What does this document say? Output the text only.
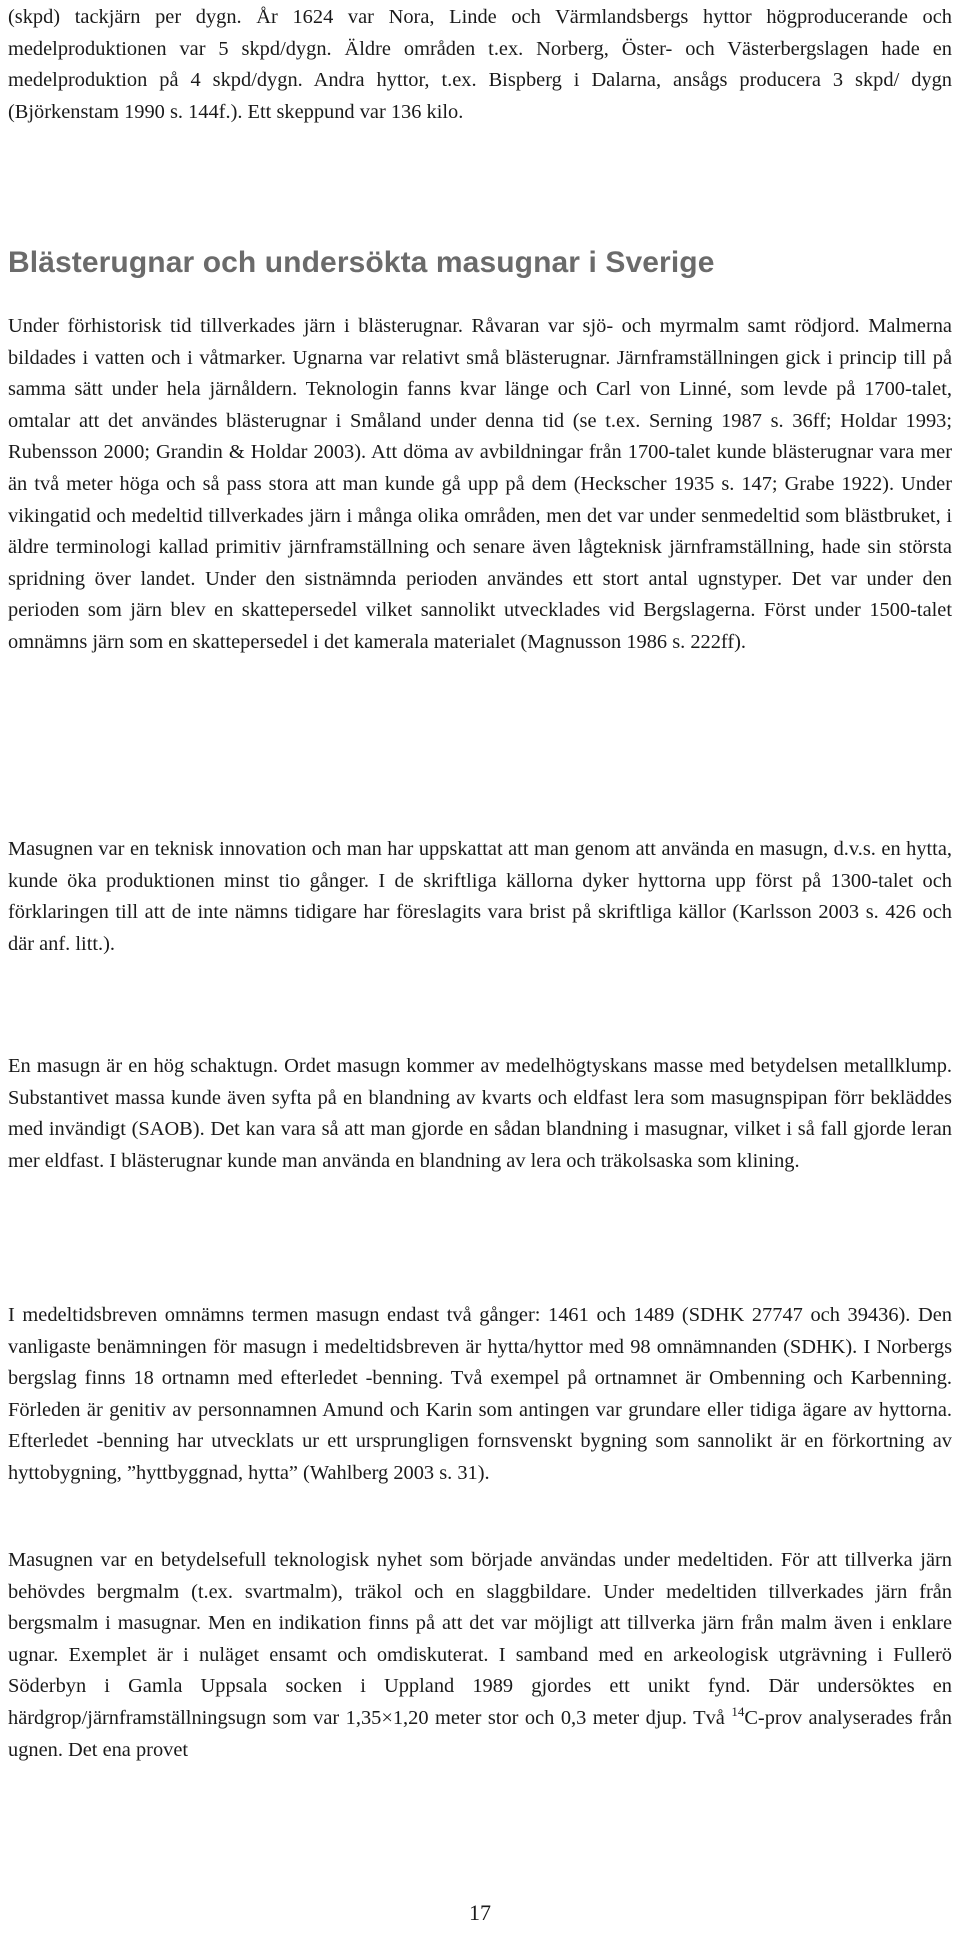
(skpd) tackjärn per dygn. År 1624 var Nora, Linde och Värmlandsbergs hyttor högproducerande och medelproduktionen var 5 skpd/dygn. Äldre områden t.ex. Norberg, Öster- och Västerbergslagen hade en medelproduktion på 4 skpd/dygn. Andra hyttor, t.ex. Bispberg i Dalarna, ansågs producera 3 skpd/ dygn (Björkenstam 1990 s. 144f.). Ett skeppund var 136 kilo.

Blästerugnar och undersökta masugnar i Sverige

Under förhistorisk tid tillverkades järn i blästerugnar. Råvaran var sjö- och myrmalm samt rödjord. Malmerna bildades i vatten och i våtmarker. Ugnarna var relativt små blästerugnar. Järnframställningen gick i princip till på samma sätt under hela järnåldern. Teknologin fanns kvar länge och Carl von Linné, som levde på 1700-talet, omtalar att det användes blästerugnar i Småland under denna tid (se t.ex. Serning 1987 s. 36ff; Holdar 1993; Rubensson 2000; Grandin & Holdar 2003). Att döma av avbildningar från 1700-talet kunde blästerugnar vara mer än två meter höga och så pass stora att man kunde gå upp på dem (Heckscher 1935 s. 147; Grabe 1922). Under vikingatid och medeltid tillverkades järn i många olika områden, men det var under senmedeltid som blästbruket, i äldre terminologi kallad primitiv järnframställning och senare även lågteknisk järnframställning, hade sin största spridning över landet. Under den sistnämnda perioden användes ett stort antal ugnstyper. Det var under den perioden som järn blev en skattepersedel vilket sannolikt utvecklades vid Bergslagerna. Först under 1500-talet omnämns järn som en skattepersedel i det kamerala materialet (Magnusson 1986 s. 222ff).

Masugnen var en teknisk innovation och man har uppskattat att man genom att använda en masugn, d.v.s. en hytta, kunde öka produktionen minst tio gånger. I de skriftliga källorna dyker hyttorna upp först på 1300-talet och förklaringen till att de inte nämns tidigare har föreslagits vara brist på skriftliga källor (Karlsson 2003 s. 426 och där anf. litt.).

En masugn är en hög schaktugn. Ordet masugn kommer av medelhögtyskans masse med betydelsen metallklump. Substantivet massa kunde även syfta på en blandning av kvarts och eldfast lera som masugnspipan förr bekläddes med invändigt (SAOB). Det kan vara så att man gjorde en sådan blandning i masugnar, vilket i så fall gjorde leran mer eldfast. I blästerugnar kunde man använda en blandning av lera och träkolsaska som klining.

I medeltidsbreven omnämns termen masugn endast två gånger: 1461 och 1489 (SDHK 27747 och 39436). Den vanligaste benämningen för masugn i medeltidsbreven är hytta/hyttor med 98 omnämnanden (SDHK). I Norbergs bergslag finns 18 ortnamn med efterledet -benning. Två exempel på ortnamnet är Ombenning och Karbenning. Förleden är genitiv av personnamnen Amund och Karin som antingen var grundare eller tidiga ägare av hyttorna. Efterledet -benning har utvecklats ur ett ursprungligen fornsvenskt bygning som sannolikt är en förkortning av hyttobygning, ”hyttbyggnad, hytta” (Wahlberg 2003 s. 31).

Masugnen var en betydelsefull teknologisk nyhet som började användas under medeltiden. För att tillverka järn behövdes bergmalm (t.ex. svartmalm), träkol och en slaggbildare. Under medeltiden tillverkades järn från bergsmalm i masugnar. Men en indikation finns på att det var möjligt att tillverka järn från malm även i enklare ugnar. Exemplet är i nuläget ensamt och omdiskuterat. I samband med en arkeologisk utgrävning i Fullerö Söderbyn i Gamla Uppsala socken i Uppland 1989 gjordes ett unikt fynd. Där undersöktes en härdgrop/järnframställningsugn som var 1,35×1,20 meter stor och 0,3 meter djup. Två $^{14}$C-prov analyserades från ugnen. Det ena provet

17
